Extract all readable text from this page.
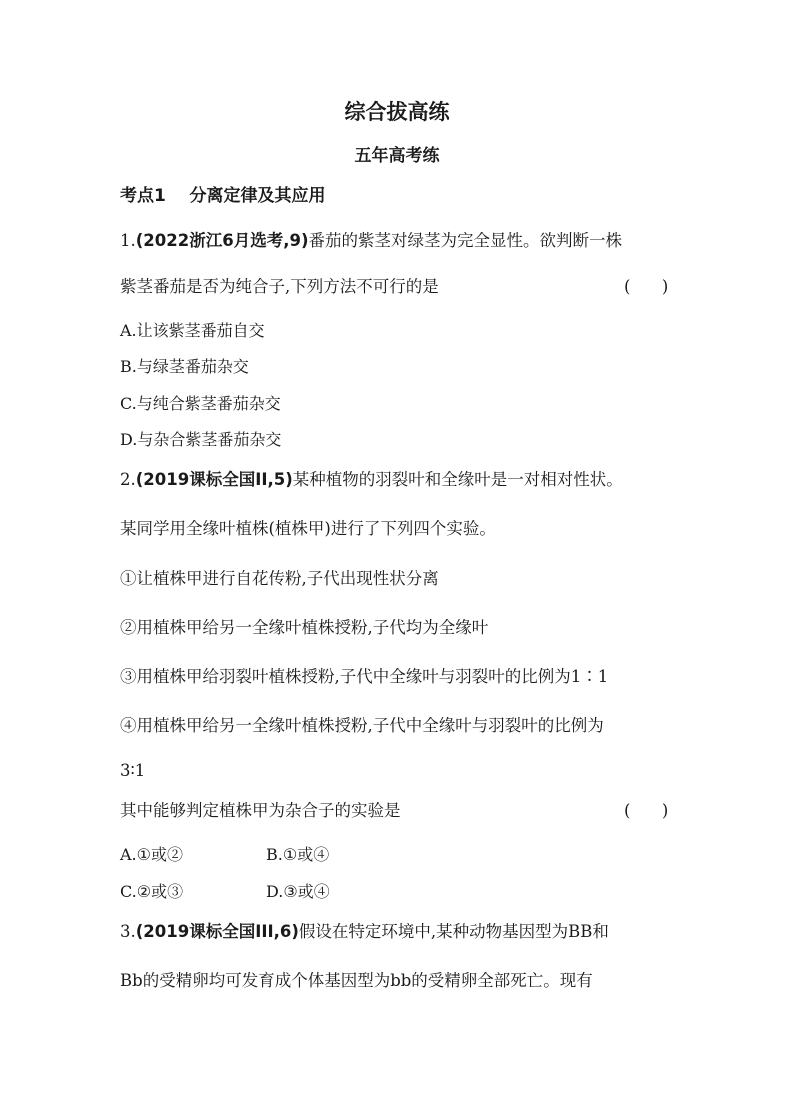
综合拔高练
五年高考练
考点1    分离定律及其应用
1.(2022浙江6月选考,9)番茄的紫茎对绿茎为完全显性。欲判断一株
紫茎番茄是否为纯合子,下列方法不可行的是	(      )
A.让该紫茎番茄自交
B.与绿茎番茄杂交
C.与纯合紫茎番茄杂交
D.与杂合紫茎番茄杂交
2.(2019课标全国II,5)某种植物的羽裂叶和全缘叶是一对相对性状。
某同学用全缘叶植株(植株甲)进行了下列四个实验。
①让植株甲进行自花传粉,子代出现性状分离
②用植株甲给另一全缘叶植株授粉,子代均为全缘叶
③用植株甲给羽裂叶植株授粉,子代中全缘叶与羽裂叶的比例为1∶1
④用植株甲给另一全缘叶植株授粉,子代中全缘叶与羽裂叶的比例为
3∶1
其中能够判定植株甲为杂合子的实验是	(      )
A.①或②	B.①或④
C.②或③	D.③或④
3.(2019课标全国III,6)假设在特定环境中,某种动物基因型为BB和
Bb的受精卵均可发育成个体基因型为bb的受精卵全部死亡。现有
